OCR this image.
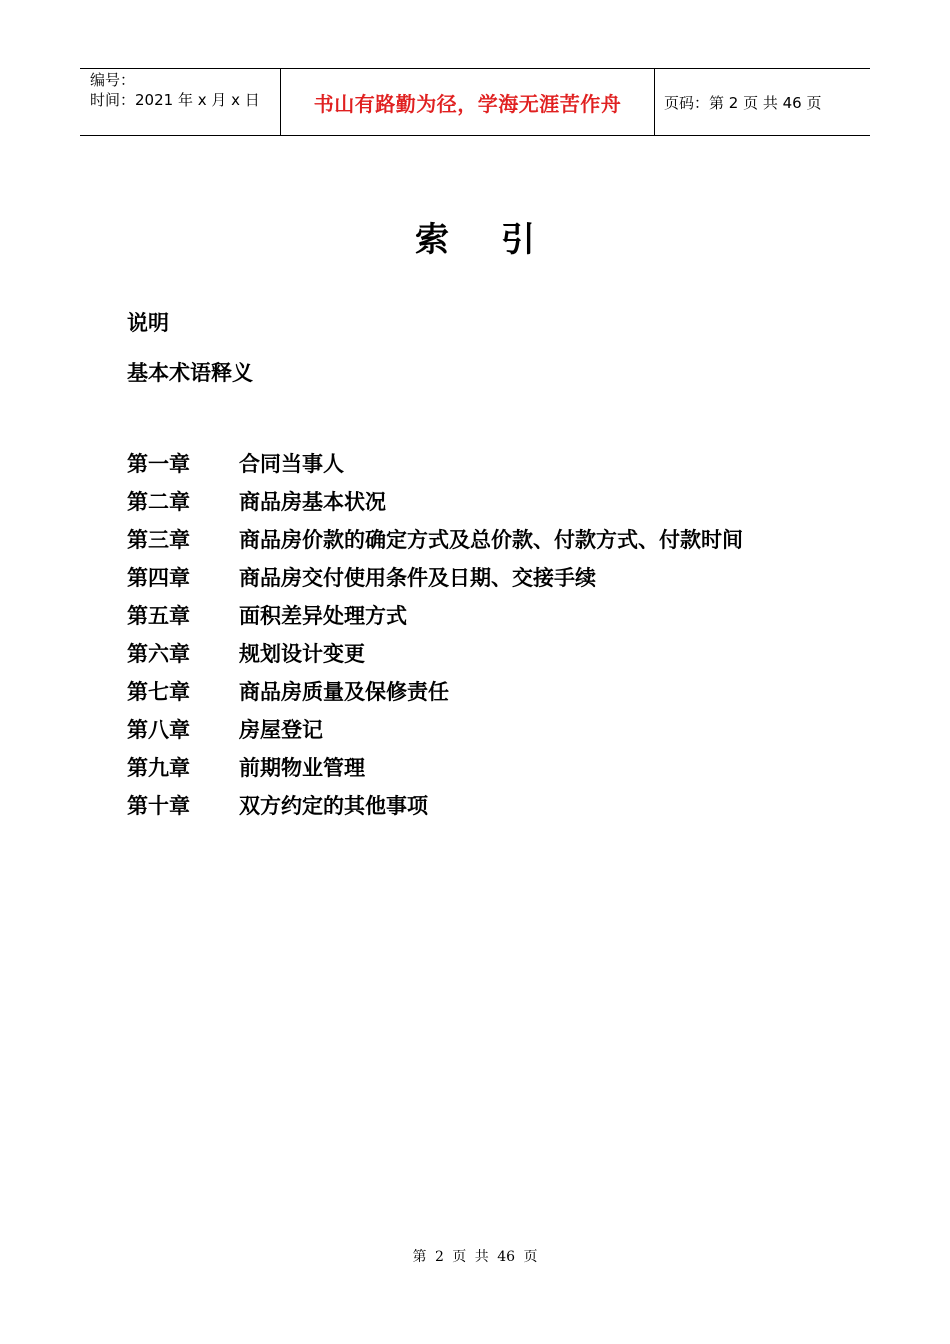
编号：
时间：2021 年 x 月 x 日	书山有路勤为径，学海无涯苦作舟	页码：第 2 页 共 46 页
索引
说明
基本术语释义
第一章	合同当事人
第二章	商品房基本状况
第三章	商品房价款的确定方式及总价款、付款方式、付款时间
第四章	商品房交付使用条件及日期、交接手续
第五章	面积差异处理方式
第六章	规划设计变更
第七章	商品房质量及保修责任
第八章	房屋登记
第九章	前期物业管理
第十章	双方约定的其他事项
第 2 页 共 46 页
